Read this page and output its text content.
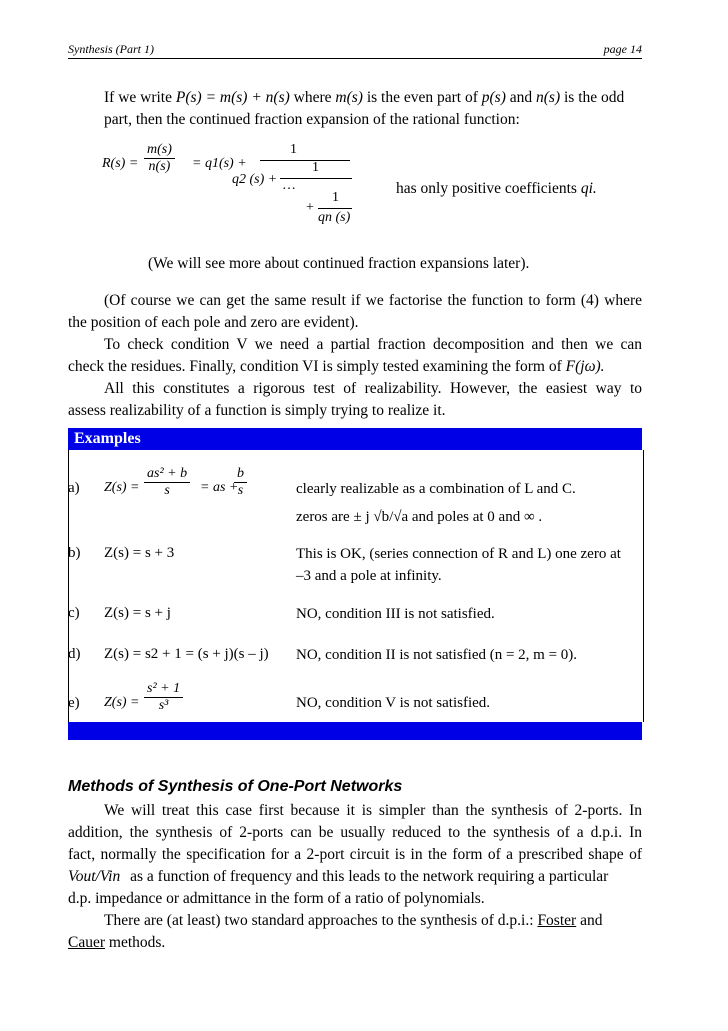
Synthesis (Part 1)	page 14
If we write P(s) = m(s) + n(s) where m(s) is the even part of p(s) and n(s) is the odd
part, then the continued fraction expansion of the rational function:
$R(s) = \frac{m(s)}{n(s)} = q1(s)$ +
1
q2 (s) +
1
…
1
+
qn (s)
has only positive coefficients qi.
(We will see more about continued fraction expansions later).
(Of course we can get the same result if we factorise the function to form (4) where
the position of each pole and zero are evident).
To check condition V we need a partial fraction decomposition and then we can
check the residues. Finally, condition VI is simply tested examining the form of F(jω).
All this constitutes a rigorous test of realizability. However, the easiest way to
assess realizability of a function is simply trying to realize it.
Examples
a) $Z(s) = \frac{\text{as² + b}}{s}$ = as +
$\frac{b}{s}$	clearly realizable as a combination of L and C.
zeros are ± j √b/√a and poles at 0 and ∞ .
b) Z(s) = s + 3	This is OK, (series connection of R and L) one zero at
–3 and a pole at infinity.
c) Z(s) = s + j	NO, condition III is not satisfied.
d) Z(s) = s2 + 1 = (s + j)(s – j) NO, condition II is not satisfied (n = 2, m = 0).
e) $Z(s) = \frac{\text{s² + 1}}{\text{s³}}$	NO, condition V is not satisfied.
Methods of Synthesis of One-Port Networks
We will treat this case first because it is simpler than the synthesis of 2-ports. In
addition, the synthesis of 2-ports can be usually reduced to the synthesis of a d.p.i. In
fact, normally the specification for a 2-port circuit is in the form of a prescribed shape of
Vout/Vin as a function of frequency and this leads to the network requiring a particular
d.p. impedance or admittance in the form of a ratio of polynomials.
There are (at least) two standard approaches to the synthesis of d.p.i.: Foster and
Cauer methods.
